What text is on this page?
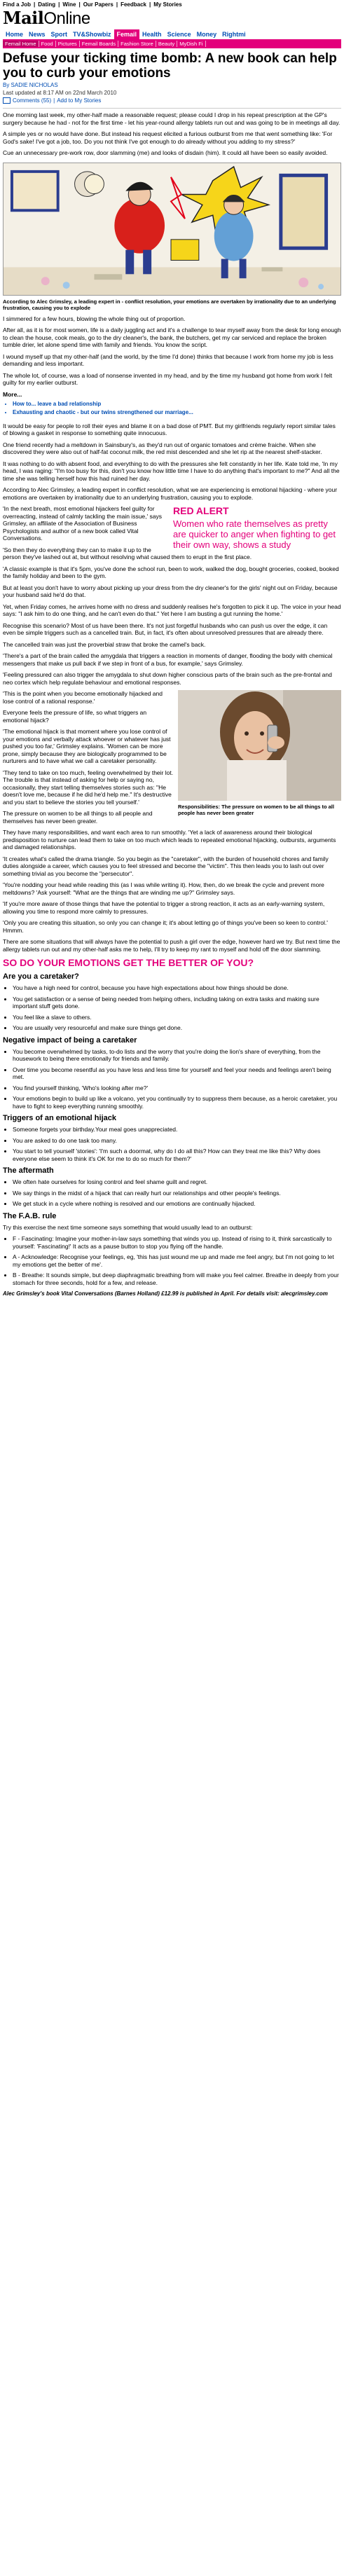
Find a Job | Dating | Wine | Our Papers | Feedback | My Stories
MailOnline
Home News Sport TV&Showbiz Femail Health Science Money Rightmi
Femail Home Food Pictures Femail Boards Fashion Store Beauty MyDish Fi
Defuse your ticking time bomb: A new book can help you to curb your emotions
By SADIE NICHOLAS
Last updated at 8:17 AM on 22nd March 2010
Comments (55) | Add to My Stories

One morning last week, my other-half made a reasonable request; please could I drop in his repeat prescription at the GP's surgery because he had - not for the first time - let his year-round allergy tablets run out and was going to be in meetings all day.

A simple yes or no would have done. But instead his request elicited a furious outburst from me that went something like: 'For God's sake! I've got a job, too. Do you not think I've got enough to do already without you adding to my stress?'

Cue an unnecessary pre-work row, door slamming (me) and looks of disdain (him). It could all have been so easily avoided.

According to Alec Grimsley, a leading expert in - conflict resolution, your emotions are overtaken by irrationality due to an underlying frustration, causing you to explode

I simmered for a few hours, blowing the whole thing out of proportion.

After all, as it is for most women, life is a daily juggling act and it's a challenge to tear myself away from the desk for long enough to clean the house, cook meals, go to the dry cleaner's, the bank, the butchers, get my car serviced and replace the broken tumble drier, let alone spend time with family and friends. You know the script.

I wound myself up that my other-half (and the world, by the time I'd done) thinks that because I work from home my job is less demanding and less important.

The whole lot, of course, was a load of nonsense invented in my head, and by the time my husband got home from work I felt guilty for my earlier outburst.

More...
• How to... leave a bad relationship
• Exhausting and chaotic - but our twins strengthened our marriage...

It would be easy for people to roll their eyes and blame it on a bad dose of PMT. But my girlfriends regularly report similar tales of blowing a gasket in response to something quite innocuous.

One friend recently had a meltdown in Sainsbury's, as they'd run out of organic tomatoes and crème fraiche. When she discovered they were also out of half-fat coconut milk, the red mist descended and she let rip at the nearest shelf-stacker.

It was nothing to do with absent food, and everything to do with the pressures she felt constantly in her life. Kate told me, 'In my head, I was raging: "I'm too busy for this, don't you know how little time I have to do anything that's important to me?" And all the time she was telling herself how this had ruined her day.

According to Alec Grimsley, a leading expert in conflict resolution, what we are experiencing is emotional hijacking - where your emotions are overtaken by irrationality due to an underlying frustration, causing you to explode.

RED ALERT
Women who rate themselves as pretty are quicker to anger when fighting to get their own way, shows a study

'In the next breath, most emotional hijackers feel guilty for overreacting, instead of calmly tackling the main issue,' says Grimsley, an affiliate of the Association of Business Psychologists and author of a new book called Vital Conversations.

'So then they do everything they can to make it up to the person they've lashed out at, but without resolving what caused them to erupt in the first place.

'A classic example is that it's 5pm, you've done the school run, been to work, walked the dog, bought groceries, cooked, booked the family holiday and been to the gym.

But at least you don't have to worry about picking up your dress from the dry cleaner's for the girls' night out on Friday, because your husband said he'd do that.

Yet, when Friday comes, he arrives home with no dress and suddenly realises he's forgotten to pick it up. The voice in your head says: "I ask him to do one thing, and he can't even do that." Yet here I am busting a gut running the home.'

Recognise this scenario? Most of us have been there. It's not just forgetful husbands who can push us over the edge, it can even be simple triggers such as a cancelled train. But, in fact, it's often about unresolved pressures that are already there.

The cancelled train was just the proverbial straw that broke the camel's back.

'There's a part of the brain called the amygdala that triggers a reaction in moments of danger, flooding the body with chemical messengers that make us pull back if we step in front of a bus, for example,' says Grimsley.

'Feeling pressured can also trigger the amygdala to shut down higher conscious parts of the brain such as the pre-frontal and neo cortex which help regulate behaviour and emotional responses.

Responsibilities: The pressure on women to be all things to all people has never been greater

'This is the point when you become emotionally hijacked and lose control of a rational response.'

Everyone feels the pressure of life, so what triggers an emotional hijack?

'The emotional hijack is that moment where you lose control of your emotions and verbally attack whoever or whatever has just pushed you too far,' Grimsley explains. 'Women can be more prone, simply because they are biologically programmed to be nurturers and to have what we call a caretaker personality.

'They tend to take on too much, feeling overwhelmed by their lot. The trouble is that instead of asking for help or saying no, occasionally, they start telling themselves stories such as: "He doesn't love me, because if he did he'd help me." It's destructive and you start to believe the stories you tell yourself.'

The pressure on women to be all things to all people and themselves has never been greater.

They have many responsibilities, and want each area to run smoothly. 'Yet a lack of awareness around their biological predisposition to nurture can lead them to take on too much which leads to repeated emotional hijacking, outbursts, arguments and damaged relationships.

'It creates what's called the drama triangle. So you begin as the "caretaker", with the burden of household chores and family duties alongside a career, which causes you to feel stressed and become the "victim". This then leads you to lash out over something trivial as you become the "persecutor".

'You're nodding your head while reading this (as I was while writing it). How, then, do we break the cycle and prevent more meltdowns? 'Ask yourself: "What are the things that are winding me up?" Grimsley says.

'If you're more aware of those things that have the potential to trigger a strong reaction, it acts as an early-warning system, allowing you time to respond more calmly to pressures.

'Only you are creating this situation, so only you can change it; it's about letting go of things you've been so keen to control.' Hmmm.

There are some situations that will always have the potential to push a girl over the edge, however hard we try. But next time the allergy tablets run out and my other-half asks me to help, I'll try to keep my rant to myself and hold off the door slamming.

SO DO YOUR EMOTIONS GET THE BETTER OF YOU?
Are you a caretaker?
• You have a high need for control, because you have high expectations about how things should be done.
• You get satisfaction or a sense of being needed from helping others, including taking on extra tasks and making sure important stuff gets done.
• You feel like a slave to others.
• You are usually very resourceful and make sure things get done.
Negative impact of being a caretaker
• You become overwhelmed by tasks, to-do lists and the worry that you're doing the lion's share of everything, from the housework to being there emotionally for friends and family.
• Over time you become resentful as you have less and less time for yourself and feel your needs and feelings aren't being met.
• You find yourself thinking, 'Who's looking after me?'
• Your emotions begin to build up like a volcano, yet you continually try to suppress them because, as a heroic caretaker, you have to fight to keep everything running smoothly.
Triggers of an emotional hijack
• Someone forgets your birthday.Your meal goes unappreciated.
• You are asked to do one task too many.
• You start to tell yourself 'stories': 'I'm such a doormat, why do I do all this? How can they treat me like this? Why does everyone else seem to think it's OK for me to do so much for them?'
The aftermath
• We often hate ourselves for losing control and feel shame guilt and regret.
• We say things in the midst of a hijack that can really hurt our relationships and other people's feelings.
• We get stuck in a cycle where nothing is resolved and our emotions are continually hijacked.
The F.A.B. rule

Try this exercise the next time someone says something that would usually lead to an outburst:

• F - Fascinating: Imagine your mother-in-law says something that winds you up. Instead of rising to it, think sarcastically to yourself: 'Fascinating!' It acts as a pause button to stop you flying off the handle.
• A - Acknowledge: Recognise your feelings, eg, 'this has just wound me up and made me feel angry, but I'm not going to let my emotions get the better of me'.
• B - Breathe: It sounds simple, but deep diaphragmatic breathing from will make you feel calmer. Breathe in deeply from your stomach for three seconds, hold for a few, and release.
Alec Grimsley's book Vital Conversations (Barnes Holland) £12.99 is published in April. For details visit: alecgrimsley.com
